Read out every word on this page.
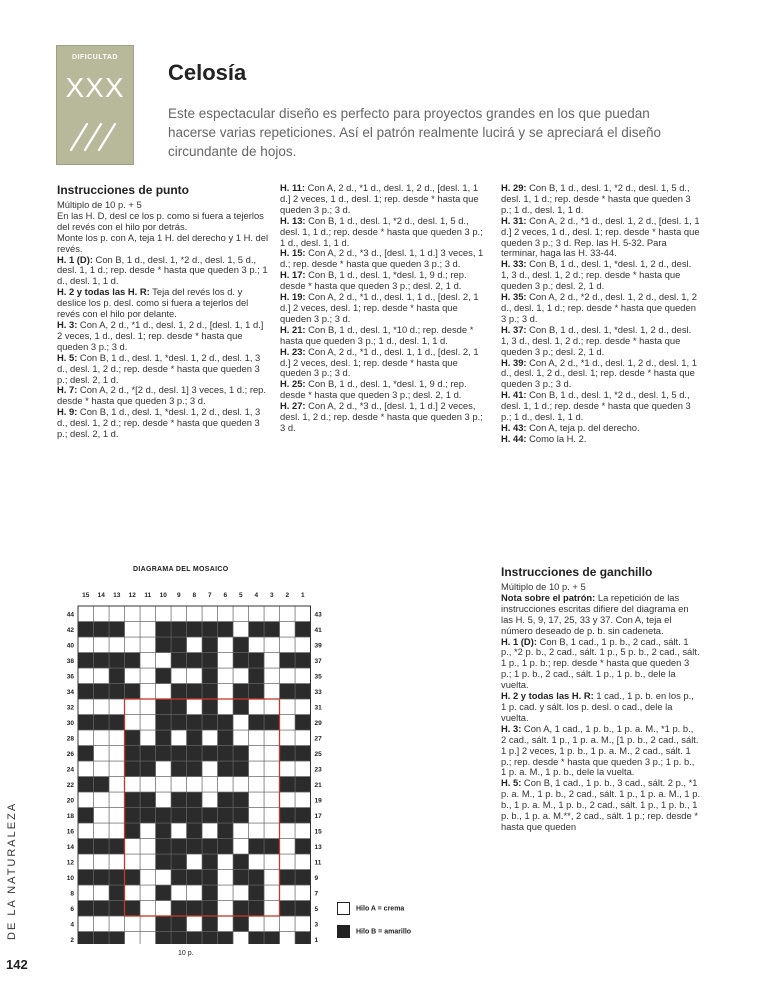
DIFICULTAD
XXX	Celosía
Este espectacular diseño es perfecto para proyectos grandes en los que puedan hacerse varias repeticiones. Así el patrón realmente lucirá y se apreciará el diseño circundante de hojos.
Instrucciones de punto

Múltiplo de 10 p. + 5

En las H. D, desl ce los p. como si fuera a tejerlos del revés con el hilo por detrás.

Monte los p. con A, teja 1 H. del derecho y 1 H. del revés.

H. 1 (D): Con B, 1 d., desl. 1, *2 d., desl. 1, 5 d., desl. 1, 1 d.; rep. desde * hasta que queden 3 p.; 1 d., desl. 1, 1 d.

H. 2 y todas las H. R: Teja del revés los d. y deslice los p. desl. como si fuera a tejerlos del revés con el hilo por delante.

H. 3: Con A, 2 d., *1 d., desl. 1, 2 d., [desl. 1, 1 d.] 2 veces, 1 d., desl. 1; rep. desde * hasta que queden 3 p.; 3 d.

H. 5: Con B, 1 d., desl. 1, *desl. 1, 2 d., desl. 1, 3 d., desl. 1, 2 d.; rep. desde * hasta que queden 3 p.; desl. 2, 1 d.

H. 7: Con A, 2 d., *[2 d., desl. 1] 3 veces, 1 d.; rep. desde * hasta que queden 3 p.; 3 d.

H. 9: Con B, 1 d., desl. 1, *desl. 1, 2 d., desl. 1, 3 d., desl. 1, 2 d.; rep. desde * hasta que queden 3 p.; desl. 2, 1 d.

H. 11: Con A, 2 d., *1 d., desl. 1, 2 d., [desl. 1, 1 d.] 2 veces, 1 d., desl. 1; rep. desde * hasta que queden 3 p.; 3 d.

H. 13: Con B, 1 d., desl. 1, *2 d., desl. 1, 5 d., desl. 1, 1 d.; rep. desde * hasta que queden 3 p.; 1 d., desl. 1, 1 d.

H. 15: Con A, 2 d., *3 d., [desl. 1, 1 d.] 3 veces, 1 d.; rep. desde * hasta que queden 3 p.; 3 d.

H. 17: Con B, 1 d., desl. 1, *desl. 1, 9 d.; rep. desde * hasta que queden 3 p.; desl. 2, 1 d.

H. 19: Con A, 2 d., *1 d., desl. 1, 1 d., [desl. 2, 1 d.] 2 veces, desl. 1; rep. desde * hasta que queden 3 p.; 3 d.

H. 21: Con B, 1 d., desl. 1, *10 d.; rep. desde * hasta que queden 3 p.; 1 d., desl. 1, 1 d.

H. 23: Con A, 2 d., *1 d., desl. 1, 1 d., [desl. 2, 1 d.] 2 veces, desl. 1; rep. desde * hasta que queden 3 p.; 3 d.

H. 25: Con B, 1 d., desl. 1, *desl. 1, 9 d.; rep. desde * hasta que queden 3 p.; desl. 2, 1 d.

H. 27: Con A, 2 d., *3 d., [desl. 1, 1 d.] 2 veces, desl. 1, 2 d.; rep. desde * hasta que queden 3 p.; 3 d.

H. 29: Con B, 1 d., desl. 1, *2 d., desl. 1, 5 d., desl. 1, 1 d.; rep. desde * hasta que queden 3 p.; 1 d., desl. 1, 1 d.

H. 31: Con A, 2 d., *1 d., desl. 1, 2 d., [desl. 1, 1 d.] 2 veces, 1 d., desl. 1; rep. desde * hasta que queden 3 p.; 3 d. Rep. las H. 5-32. Para terminar, haga las H. 33-44.

H. 33: Con B, 1 d., desl. 1, *desl. 1, 2 d., desl. 1, 3 d., desl. 1, 2 d.; rep. desde * hasta que queden 3 p.; desl. 2, 1 d.

H. 35: Con A, 2 d., *2 d., desl. 1, 2 d., desl. 1, 2 d., desl. 1, 1 d.; rep. desde * hasta que queden 3 p.; 3 d.

H. 37: Con B, 1 d., desl. 1, *desl. 1, 2 d., desl. 1, 3 d., desl. 1, 2 d.; rep. desde * hasta que queden 3 p.; desl. 2, 1 d.

H. 39: Con A, 2 d., *1 d., desl. 1, 2 d., desl. 1, 1 d., desl. 1, 2 d., desl. 1; rep. desde * hasta que queden 3 p.; 3 d.

H. 41: Con B, 1 d., desl. 1, *2 d., desl. 1, 5 d., desl. 1, 1 d.; rep. desde * hasta que queden 3 p.; 1 d., desl. 1, 1 d.

H. 43: Con A, teja p. del derecho.

H. 44: Como la H. 2.

Instrucciones de ganchillo

Múltiplo de 10 p. + 5

Nota sobre el patrón: La repetición de las instrucciones escritas difiere del diagrama en las H. 5, 9, 17, 25, 33 y 37. Con A, teja el número deseado de p. b. sin cadeneta.

H. 1 (D): Con B, 1 cad., 1 p. b., 2 cad., sált. 1 p., *2 p. b., 2 cad., sált. 1 p., 5 p. b., 2 cad., sált. 1 p., 1 p. b.; rep. desde * hasta que queden 3 p.; 1 p. b., 2 cad., sált. 1 p., 1 p. b., dele la vuelta.

H. 2 y todas las H. R: 1 cad., 1 p. b. en los p., 1 p. cad. y sált. los p. desl. o cad., dele la vuelta.

H. 3: Con A, 1 cad., 1 p. b., 1 p. a. M., *1 p. b., 2 cad., sált. 1 p., 1 p. a. M., [1 p. b., 2 cad., sált. 1 p.] 2 veces, 1 p. b., 1 p. a. M., 2 cad., sált. 1 p.; rep. desde * hasta que queden 3 p.; 1 p. b., 1 p. a. M., 1 p. b., dele la vuelta.

H. 5: Con B, 1 cad., 1 p. b., 3 cad., sált. 2 p., *1 p. a. M., 1 p. b., 2 cad., sált. 1 p., 1 p. a. M., 1 p. b., 1 p. a. M., 1 p. b., 2 cad., sált. 1 p., 1 p. b., 1 p. b., 1 p. a. M.**, 2 cad., sált. 1 p.; rep. desde * hasta que queden

DIAGRAMA DEL MOSAICO
15 14 13 12 11 10 9 8 7 6 5 4 3 2 1
44
42
40
38
36
34
32
30
28
26
24
22
20
18
16
14
12
10
8
6
4
2
43
41
39
37
35
33
31
29
27
25
23
21
19
17
15
13
11
9
7
5
3
1
Hilo A = crema
Hilo B = amarillo
10 p.
DE LA NATURALEZA
142
